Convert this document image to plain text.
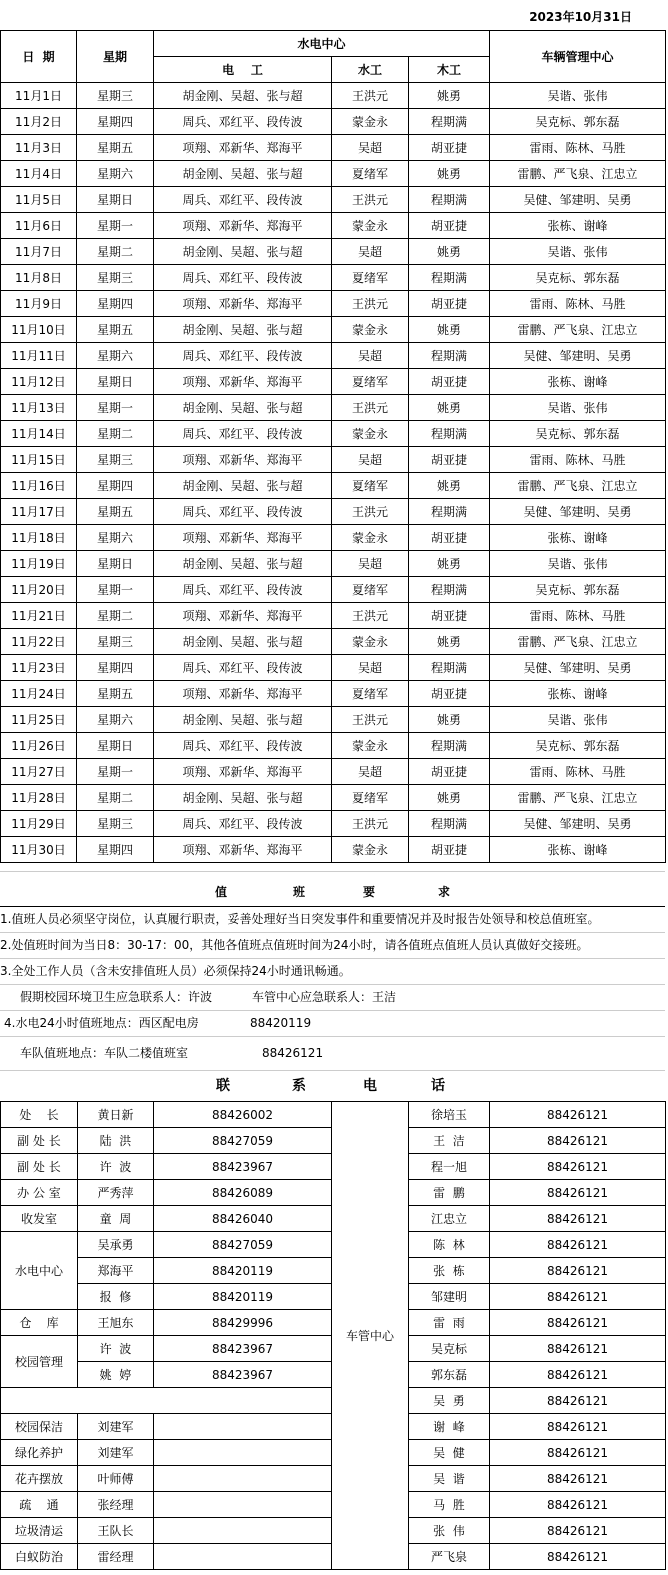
2023年10月31日
日  期	星期	水电中心			车辆管理中心
		电    工	水工	木工	
11月1日	星期三	胡金刚、吴超、张与超	王洪元	姚勇	吴谐、张伟
11月2日	星期四	周兵、邓红平、段传波	蒙金永	程期满	吴克标、郭东磊
11月3日	星期五	项翔、邓新华、郑海平	吴超	胡亚捷	雷雨、陈林、马胜
11月4日	星期六	胡金刚、吴超、张与超	夏绪军	姚勇	雷鹏、严飞泉、江忠立
11月5日	星期日	周兵、邓红平、段传波	王洪元	程期满	吴健、邹建明、吴勇
11月6日	星期一	项翔、邓新华、郑海平	蒙金永	胡亚捷	张栋、谢峰
11月7日	星期二	胡金刚、吴超、张与超	吴超	姚勇	吴谐、张伟
11月8日	星期三	周兵、邓红平、段传波	夏绪军	程期满	吴克标、郭东磊
11月9日	星期四	项翔、邓新华、郑海平	王洪元	胡亚捷	雷雨、陈林、马胜
11月10日	星期五	胡金刚、吴超、张与超	蒙金永	姚勇	雷鹏、严飞泉、江忠立
11月11日	星期六	周兵、邓红平、段传波	吴超	程期满	吴健、邹建明、吴勇
11月12日	星期日	项翔、邓新华、郑海平	夏绪军	胡亚捷	张栋、谢峰
11月13日	星期一	胡金刚、吴超、张与超	王洪元	姚勇	吴谐、张伟
11月14日	星期二	周兵、邓红平、段传波	蒙金永	程期满	吴克标、郭东磊
11月15日	星期三	项翔、邓新华、郑海平	吴超	胡亚捷	雷雨、陈林、马胜
11月16日	星期四	胡金刚、吴超、张与超	夏绪军	姚勇	雷鹏、严飞泉、江忠立
11月17日	星期五	周兵、邓红平、段传波	王洪元	程期满	吴健、邹建明、吴勇
11月18日	星期六	项翔、邓新华、郑海平	蒙金永	胡亚捷	张栋、谢峰
11月19日	星期日	胡金刚、吴超、张与超	吴超	姚勇	吴谐、张伟
11月20日	星期一	周兵、邓红平、段传波	夏绪军	程期满	吴克标、郭东磊
11月21日	星期二	项翔、邓新华、郑海平	王洪元	胡亚捷	雷雨、陈林、马胜
11月22日	星期三	胡金刚、吴超、张与超	蒙金永	姚勇	雷鹏、严飞泉、江忠立
11月23日	星期四	周兵、邓红平、段传波	吴超	程期满	吴健、邹建明、吴勇
11月24日	星期五	项翔、邓新华、郑海平	夏绪军	胡亚捷	张栋、谢峰
11月25日	星期六	胡金刚、吴超、张与超	王洪元	姚勇	吴谐、张伟
11月26日	星期日	周兵、邓红平、段传波	蒙金永	程期满	吴克标、郭东磊
11月27日	星期一	项翔、邓新华、郑海平	吴超	胡亚捷	雷雨、陈林、马胜
11月28日	星期二	胡金刚、吴超、张与超	夏绪军	姚勇	雷鹏、严飞泉、江忠立
11月29日	星期三	周兵、邓红平、段传波	王洪元	程期满	吴健、邹建明、吴勇
11月30日	星期四	项翔、邓新华、郑海平	蒙金永	胡亚捷	张栋、谢峰
值	班	要	求
1.值班人员必须坚守岗位，认真履行职责，妥善处理好当日突发事件和重要情况并及时报告处领导和校总值班室。
2.处值班时间为当日8：30-17：00，其他各值班点值班时间为24小时，请各值班点值班人员认真做好交接班。
3.全处工作人员（含未安排值班人员）必须保持24小时通讯畅通。
假期校园环境卫生应急联系人：许波	车管中心应急联系人：王洁
4.水电24小时值班地点：西区配电房	88420119
车队值班地点：车队二楼值班室	88426121
联	系	电	话
处    长	黄日新	88426002	车管中心	徐培玉	88426121
副 处 长	陆  洪	88427059		王  洁	88426121
副 处 长	许  波	88423967		程一旭	88426121
办 公 室	严秀萍	88426089		雷  鹏	88426121
收发室	童  周	88426040		江忠立	88426121
水电中心	吴承勇	88427059		陈  林	88426121
	郑海平	88420119		张  栋	88426121
	报  修	88420119		邹建明	88426121
仓    库	王旭东	88429996		雷  雨	88426121
校园管理	许  波	88423967		吴克标	88426121
	姚  婷	88423967		郭东磊	88426121
				吴  勇	88426121
校园保洁	刘建军			谢  峰	88426121
绿化养护	刘建军			吴  健	88426121
花卉摆放	叶师傅			吴  谐	88426121
疏    通	张经理			马  胜	88426121
垃圾清运	王队长			张  伟	88426121
白蚁防治	雷经理			严飞泉	88426121
